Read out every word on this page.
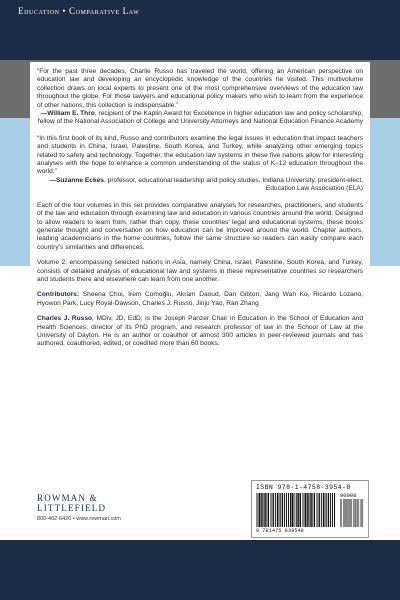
Education • Comparative Law

“For the past three decades, Charlie Russo has traveled the world, offering an American perspective on education law and developing an encyclopedic knowledge of the countries he visited. This multivolume collection draws on local experts to present one of the most comprehensive overviews of the education law throughout the globe. For those lawyers and educational policy makers who wish to learn from the experience of other nations, this collection is indispensable.”

—William E. Thro, recipient of the Kaplin Award for Excellence in higher education law and policy scholarship, fellow of the National Association of College and University Attorneys and National Education Finance Academy

“In this first book of its kind, Russo and contributors examine the legal issues in education that impact teachers and students in China, Israel, Palestine, South Korea, and Turkey, while analyzing other emerging topics related to safety and technology. Together, the education law systems in these five nations allow for interesting analyses with the hope to enhance a common understanding of the status of K–12 education throughout the world.”

—Suzanne Eckes, professor, educational leadership and policy studies, Indiana University, president-elect, Education Law Association (ELA)

Each of the four volumes in this set provides comparative analyses for researches, practitioners, and students of the law and education through examining law and education in various countries around the world. Designed to allow readers to learn from, rather than copy, these countries’ legal and educational systems, these books generate thought and conversation on how education can be improved around the world. Chapter authors, leading academicians in the home countries, follow the same structure so readers can easily compare each country’s similarities and differences.

Volume 2, encompassing selected nations in Asia, namely China, Israel, Palestine, South Korea, and Turkey, consists of detailed analysis of educational law and systems in these representative countries so researchers and students there and elsewhere can learn from one another.

Contributors: Sheena Choi, Irem Comoğlu, Akram Daoud, Dan Gibton, Jang Wan Ko, Ricardo Lozano, Hyowon Park, Lucy Royal-Dawson, Charles J. Russo, Jinju Yao, Ran Zhang

Charles J. Russo, MDiv, JD, EdD, is the Joseph Panzer Chair in Education in the School of Education and Health Sciences, director of its PhD program, and research professor of law in the School of Law at the University of Dayton. He is an author or coauthor of almost 300 articles in peer-reviewed journals and has authored, coauthored, edited, or coedited more than 60 books.

ROWMAN &
LITTLEFIELD
800-462-6420 • www.rowman.com
ISBN 978-1-4758-3954-8
90000
9 781475 839548
